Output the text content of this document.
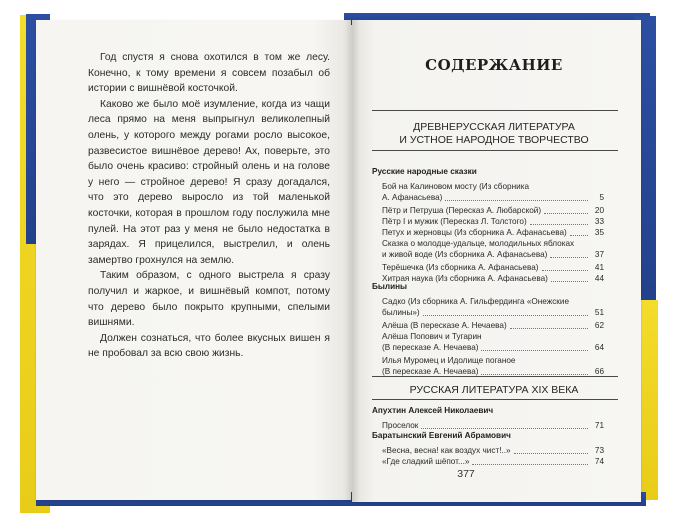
Год спустя я снова охотился в том же лесу. Конечно, к тому времени я совсем позабыл об истории с вишнёвой косточкой.

Каково же было моё изумление, когда из чащи леса прямо на меня выпрыгнул великолепный олень, у которого между рогами росло высокое, развесистое вишнёвое дерево! Ах, поверьте, это было очень красиво: стройный олень и на голове у него — стройное дерево! Я сразу догадался, что это дерево выросло из той маленькой косточки, которая в прошлом году послужила мне пулей. На этот раз у меня не было недостатка в зарядах. Я прицелился, выстрелил, и олень замертво грохнулся на землю.

Таким образом, с одного выстрела я сразу получил и жаркое, и вишнёвый компот, потому что дерево было покрыто крупными, спелыми вишнями.

Должен сознаться, что более вкусных вишен я не пробовал за всю свою жизнь.

СОДЕРЖАНИЕ
ДРЕВНЕРУССКАЯ ЛИТЕРАТУРА
И УСТНОЕ НАРОДНОЕ ТВОРЧЕСТВО
Русские народные сказки
Бой на Калиновом мосту (Из сборника
А. Афанасьева)	5
Пётр и Петруша (Пересказ А. Любарской)	20
Пётр I и мужик (Пересказ Л. Толстого)	33
Петух и жерновцы (Из сборника А. Афанасьева)	35
Сказка о молодце-удальце, молодильных яблоках
и живой воде (Из сборника А. Афанасьева)	37
Терёшечка (Из сборника А. Афанасьева)	41
Хитрая наука (Из сборника А. Афанасьева)	44
Былины
Садко (Из сборника А. Гильфердинга «Онежские
былины»)	51
Алёша (В пересказе А. Нечаева)	62
Алёша Попович и Тугарин
(В пересказе А. Нечаева)	64
Илья Муромец и Идолище поганое
(В пересказе А. Нечаева)	66
РУССКАЯ ЛИТЕРАТУРА XIX ВЕКА
Апухтин Алексей Николаевич
Проселок	71
Баратынский Евгений Абрамович
«Весна, весна! как воздух чист!..»	73
«Где сладкий шёпот...»	74
377
